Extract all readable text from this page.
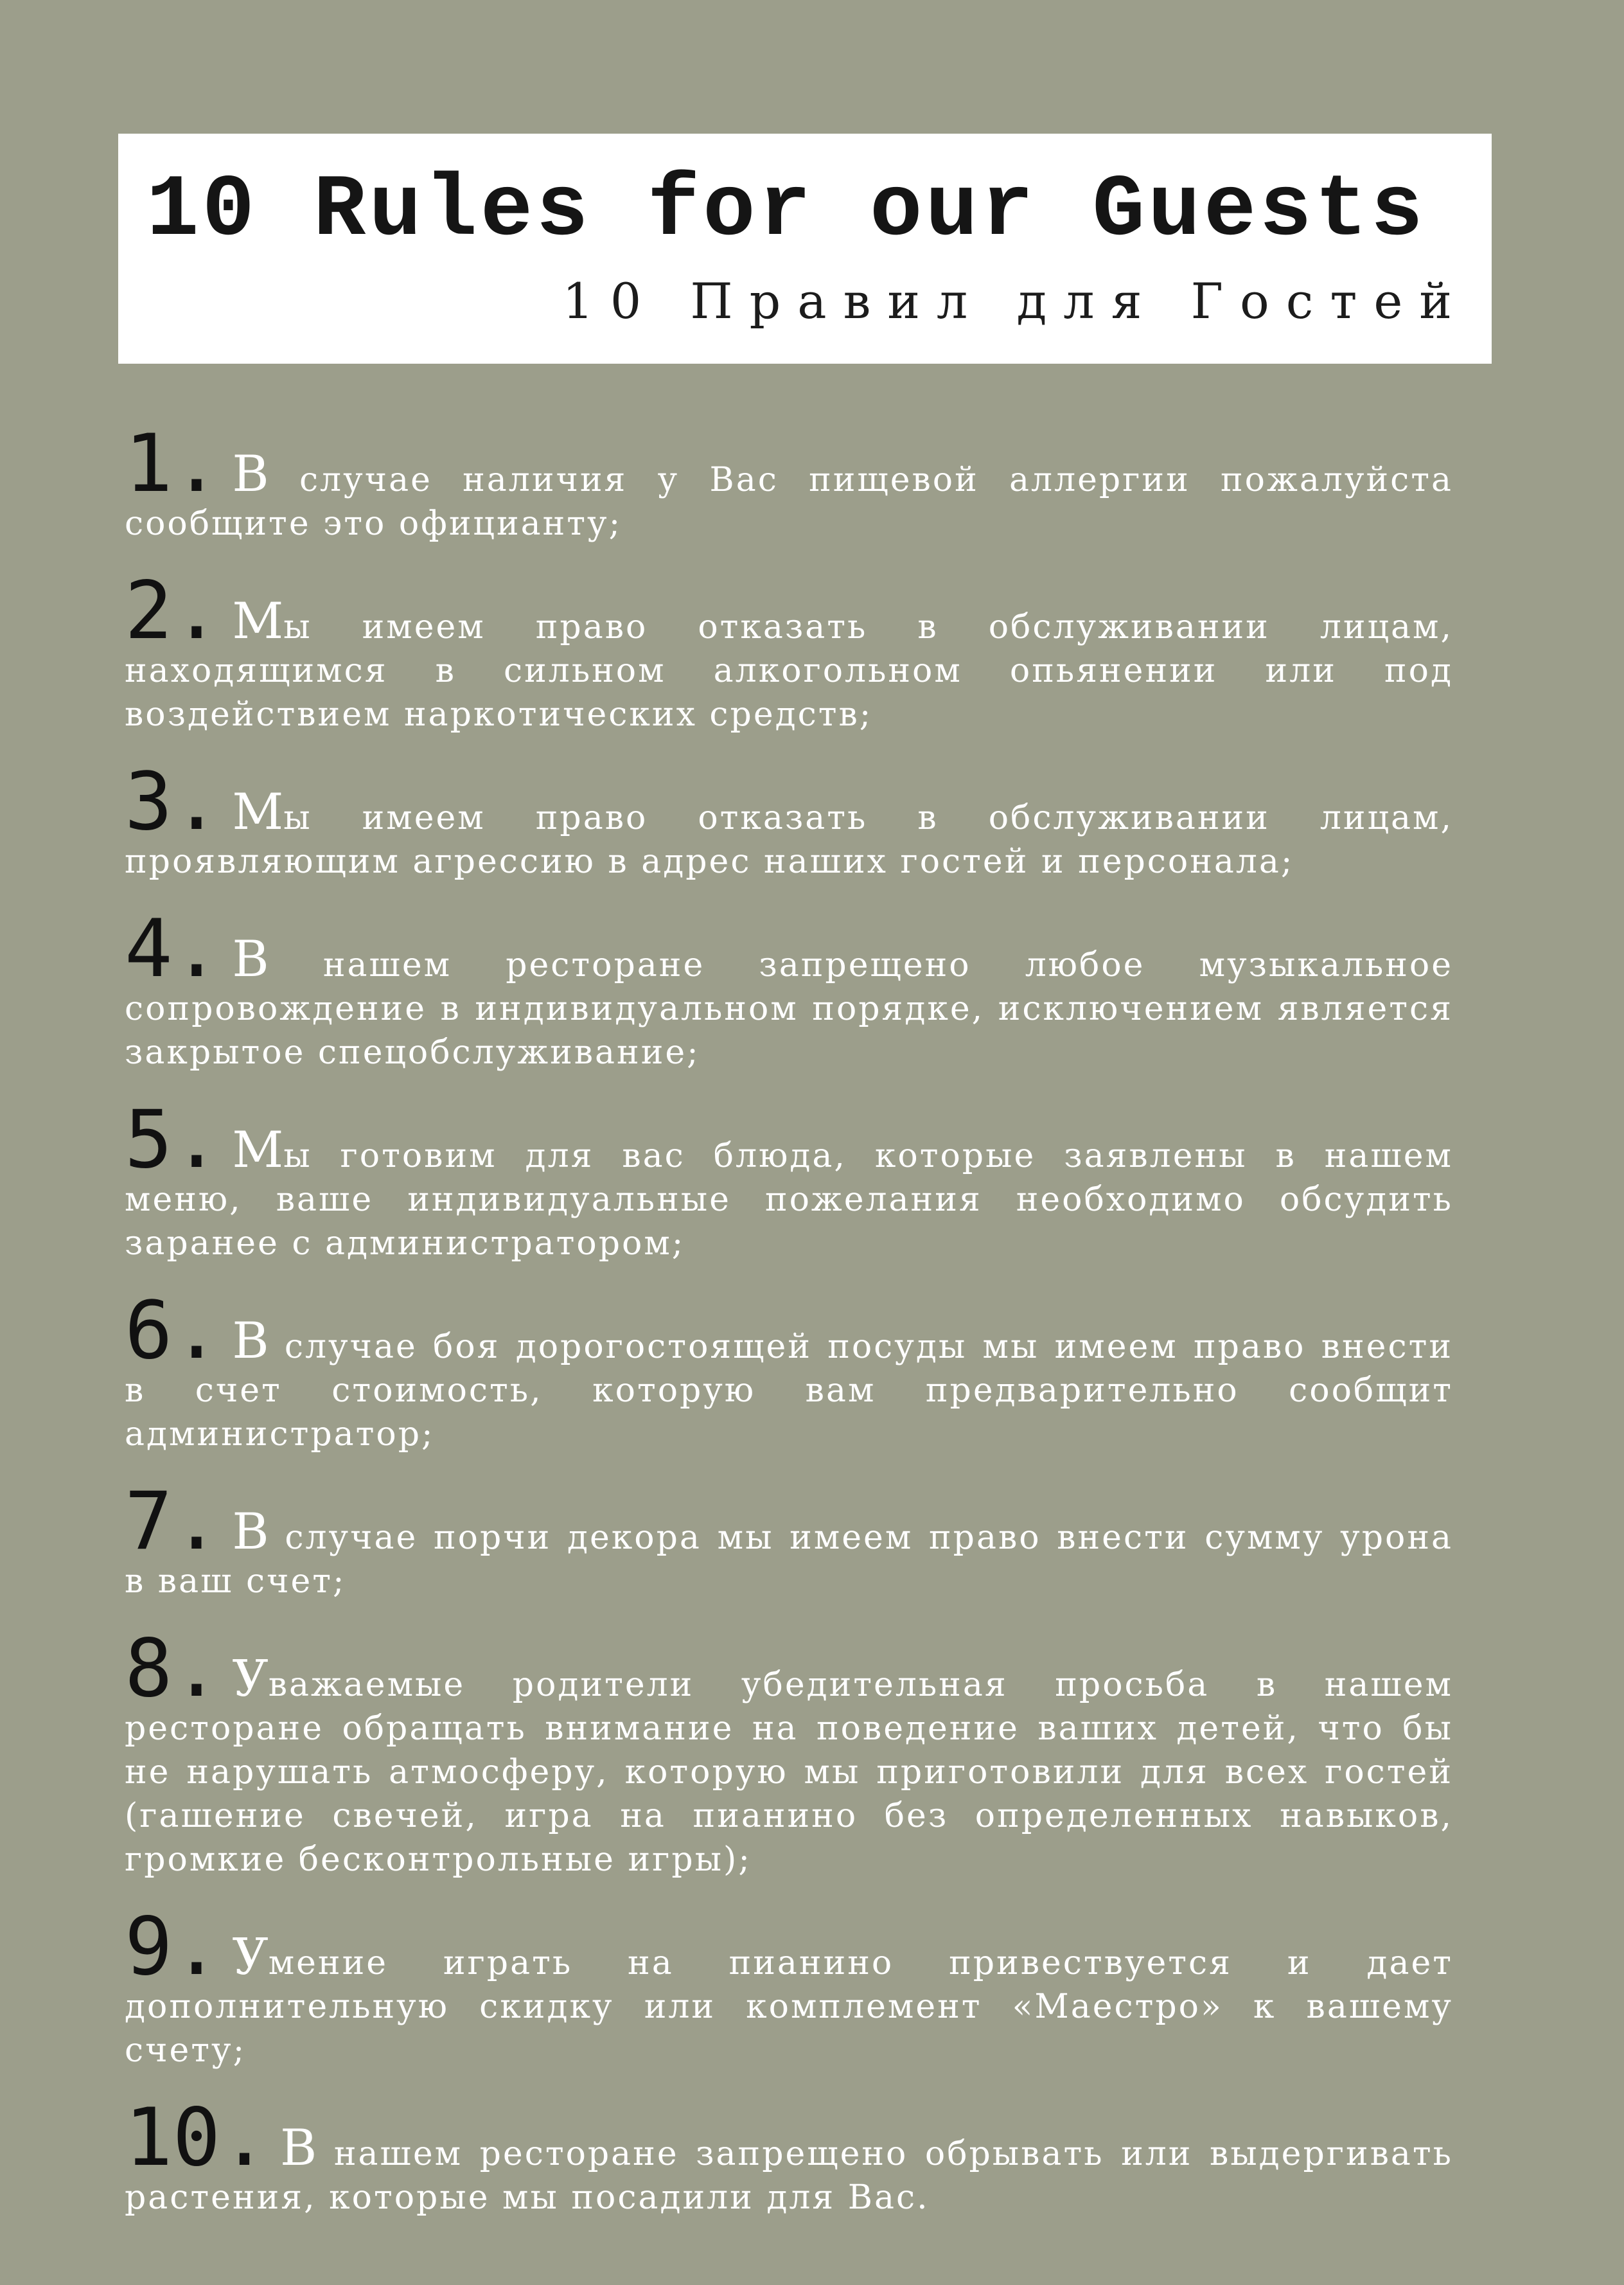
10 Rules for our Guests
10 Правил для Гостей

1. В случае наличия у Вас пищевой аллергии пожалуйста сообщите это официанту;

2. Мы имеем право отказать в обслуживании лицам, находящимся в сильном алкогольном опьянении или под воздействием наркотических средств;

3. Мы имеем право отказать в обслуживании лицам, проявляющим агрессию в адрес наших гостей и персонала;

4. В нашем ресторане запрещено любое музыкальное сопровождение в индивидуальном порядке, исключением является закрытое спецобслуживание;

5. Мы готовим для вас блюда, которые заявлены в нашем меню, ваше индивидуальные пожелания необходимо обсудить заранее с администратором;

6. В случае боя дорогостоящей посуды мы имеем право внести в счет стоимость, которую вам предварительно сообщит администратор;

7. В случае порчи декора мы имеем право внести сумму урона в ваш счет;

8. Уважаемые родители убедительная просьба в нашем ресторане обращать внимание на поведение ваших детей, что бы не нарушать атмосферу, которую мы приготовили для всех гостей (гашение свечей, игра на пианино без определенных навыков, громкие бесконтрольные игры);

9. Умение играть на пианино привествуется и дает дополнительную скидку или комплемент «Маестро» к вашему счету;

10. В нашем ресторане запрещено обрывать или выдергивать растения, которые мы посадили для Вас.
